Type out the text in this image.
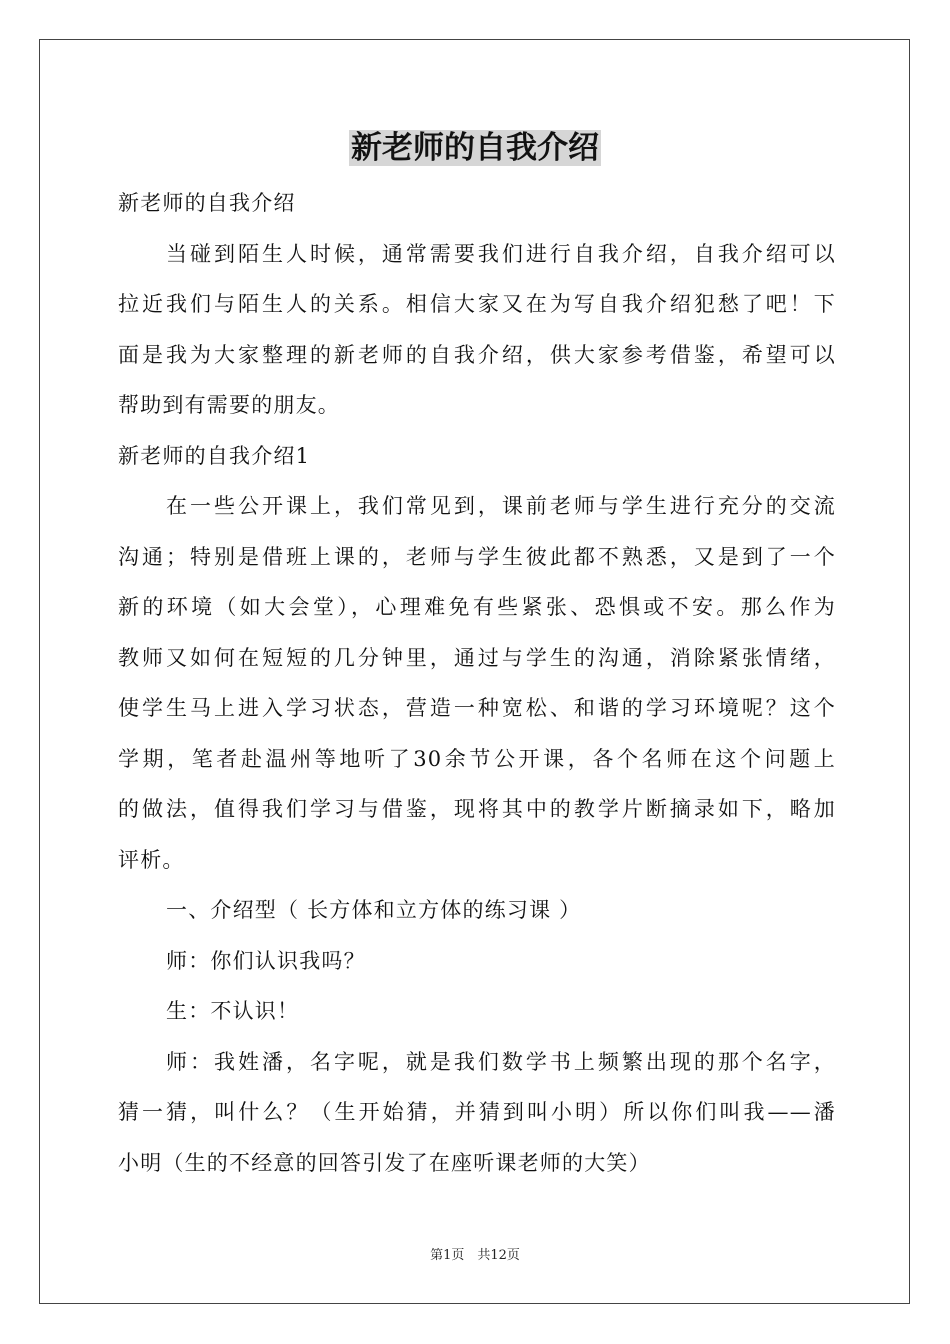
新老师的自我介绍
新老师的自我介绍
当碰到陌生人时候，通常需要我们进行自我介绍，自我介绍可以
拉近我们与陌生人的关系。相信大家又在为写自我介绍犯愁了吧！下
面是我为大家整理的新老师的自我介绍，供大家参考借鉴，希望可以
帮助到有需要的朋友。
新老师的自我介绍1
在一些公开课上，我们常见到，课前老师与学生进行充分的交流
沟通；特别是借班上课的，老师与学生彼此都不熟悉，又是到了一个
新的环境（如大会堂），心理难免有些紧张、恐惧或不安。那么作为
教师又如何在短短的几分钟里，通过与学生的沟通，消除紧张情绪，
使学生马上进入学习状态，营造一种宽松、和谐的学习环境呢？这个
学期，笔者赴温州等地听了30余节公开课，各个名师在这个问题上
的做法，值得我们学习与借鉴，现将其中的教学片断摘录如下，略加
评析。
一、介绍型（ 长方体和立方体的练习课 ）
师：你们认识我吗？
生：不认识！
师：我姓潘，名字呢，就是我们数学书上频繁出现的那个名字，
猜一猜，叫什么？（生开始猜，并猜到叫小明）所以你们叫我——潘
小明（生的不经意的回答引发了在座听课老师的大笑）
第1页　共12页
